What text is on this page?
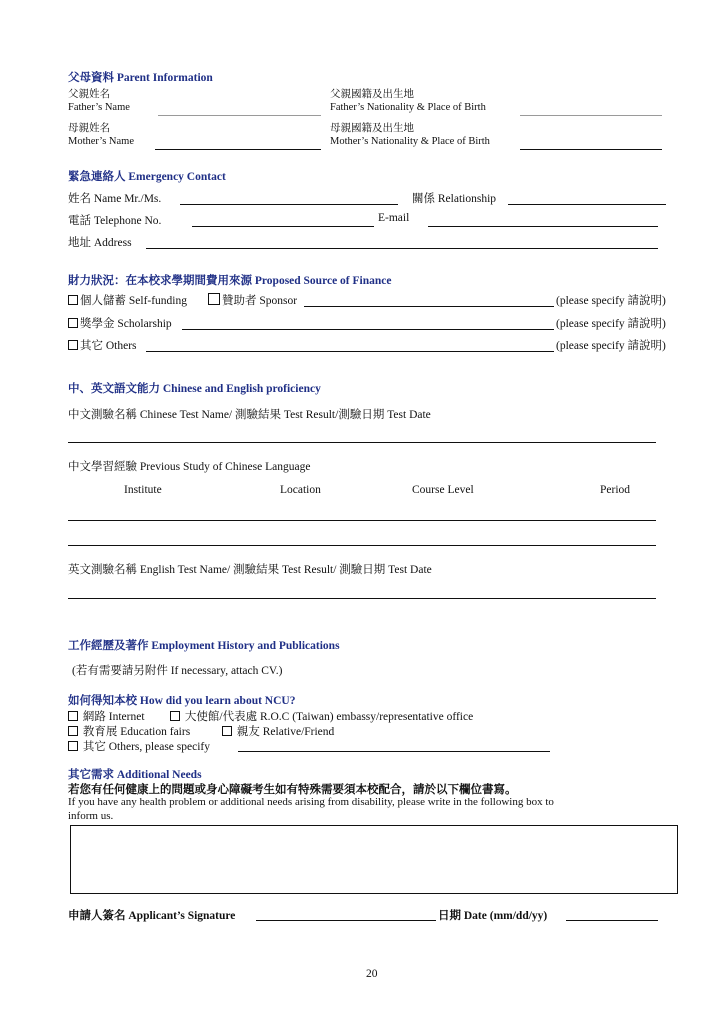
父母資料 Parent Information
父親姓名
Father’s Name
父親國籍及出生地
Father’s Nationality & Place of Birth
母親姓名
Mother’s Name
母親國籍及出生地
Mother’s Nationality & Place of Birth
緊急連絡人 Emergency Contact
姓名 Name Mr./Ms.	關係 Relationship
電話 Telephone No.	E-mail
地址 Address
財力狀況：在本校求學期間費用來源 Proposed Source of Finance
個人儲蓄 Self-funding	贊助者 Sponsor	(please specify 請說明)
獎學金 Scholarship	(please specify 請說明)
其它 Others	(please specify 請說明)
中、英文語文能力 Chinese and English proficiency
中文測驗名稱 Chinese Test Name/ 測驗結果 Test Result/測驗日期 Test Date
中文學習經驗 Previous Study of Chinese Language
Institute	Location	Course Level	Period
英文測驗名稱 English Test Name/ 測驗結果 Test Result/ 測驗日期 Test Date
工作經歷及著作 Employment History and Publications
(若有需要請另附件 If necessary, attach CV.)
如何得知本校 How did you learn about NCU?
網路 Internet	大使館/代表處 R.O.C (Taiwan) embassy/representative office
教育展 Education fairs	親友 Relative/Friend
其它 Others, please specify
其它需求 Additional Needs
若您有任何健康上的問題或身心障礙考生如有特殊需要須本校配合，請於以下欄位書寫。
If you have any health problem or additional needs arising from disability, please write in the following box to
inform us.
申請人簽名 Applicant’s Signature	日期 Date (mm/dd/yy)
20
